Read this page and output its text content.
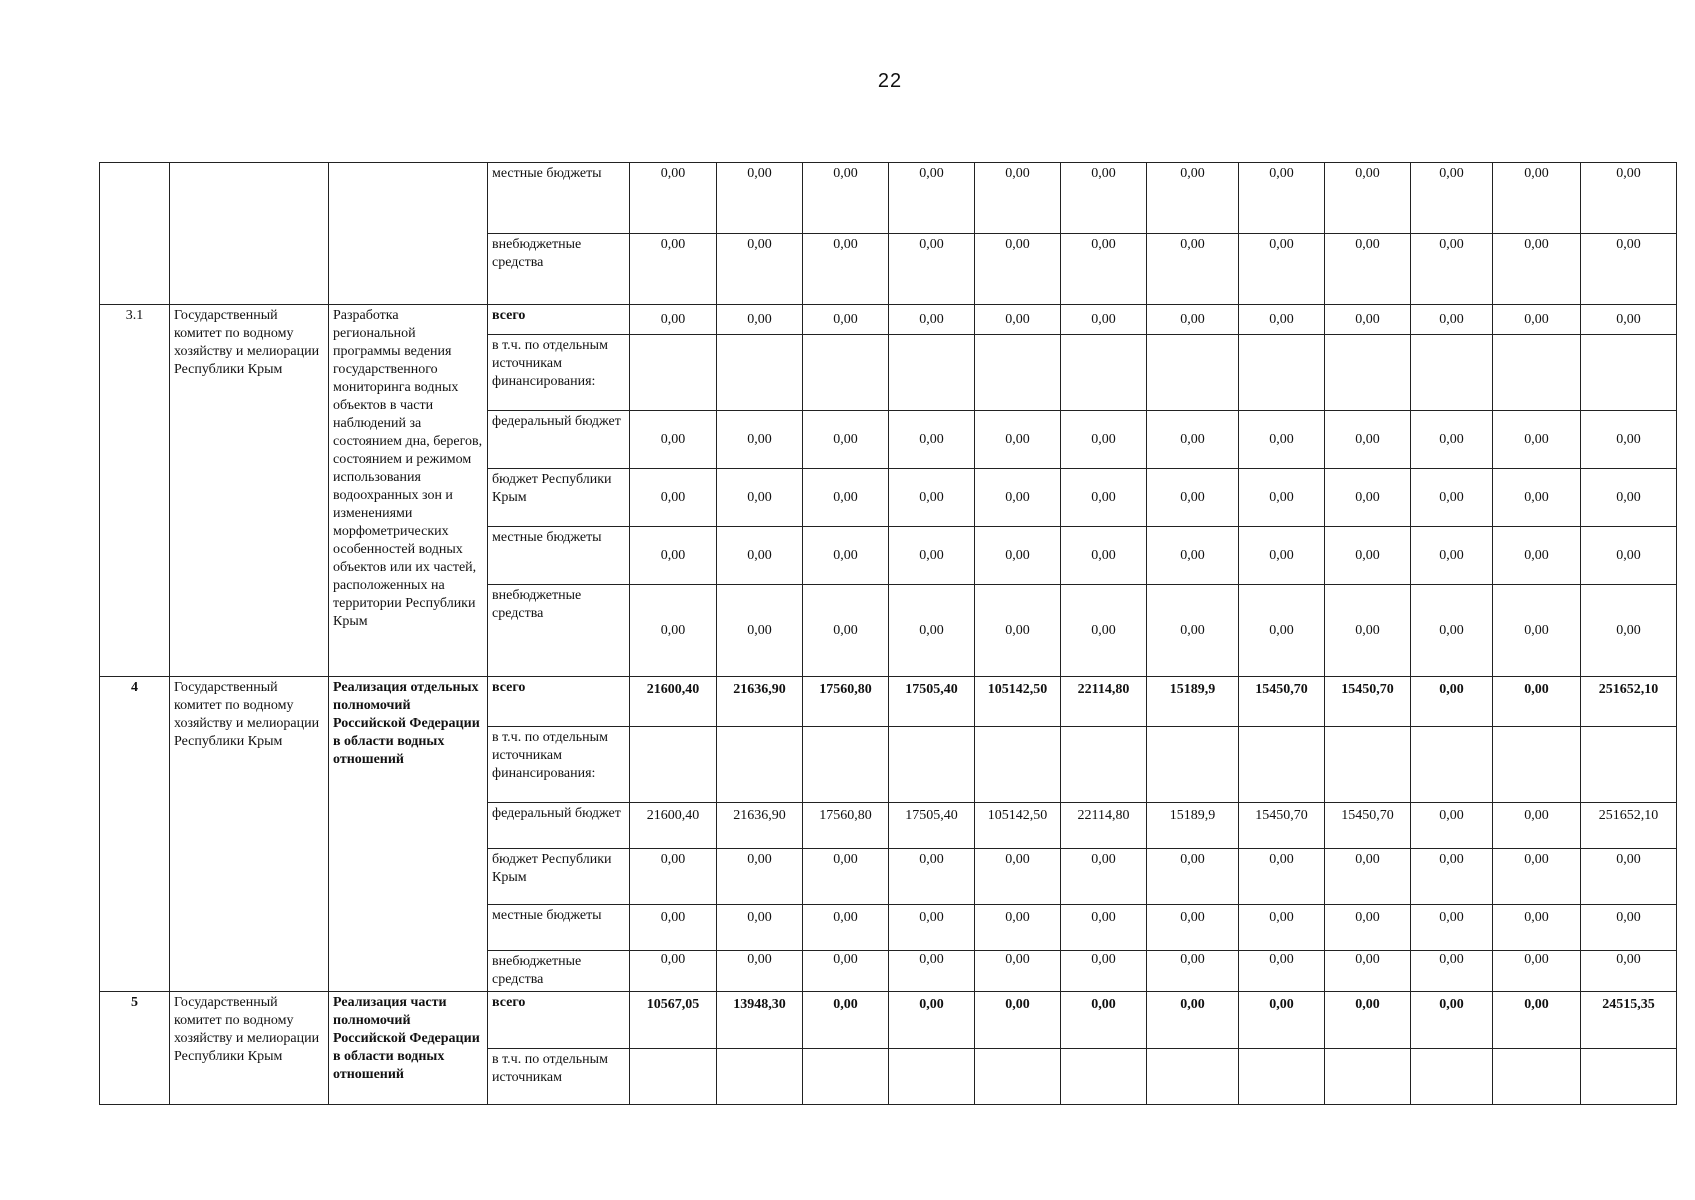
22
			местные бюджеты	0,00	0,00	0,00	0,00	0,00	0,00	0,00	0,00	0,00	0,00	0,00	0,00
			внебюджетные средства	0,00	0,00	0,00	0,00	0,00	0,00	0,00	0,00	0,00	0,00	0,00	0,00
3.1	Государственный комитет по водному хозяйству и мелиорации Республики Крым	Разработка региональной программы ведения государственного мониторинга водных объектов в части наблюдений за состоянием дна, берегов, состоянием и режимом использования водоохранных зон и изменениями морфометрических особенностей водных объектов или их частей, расположенных на территории Республики Крым	всего	0,00	0,00	0,00	0,00	0,00	0,00	0,00	0,00	0,00	0,00	0,00	0,00
			в т.ч. по отдельным источникам финансирования:												
			федеральный бюджет	0,00	0,00	0,00	0,00	0,00	0,00	0,00	0,00	0,00	0,00	0,00	0,00
			бюджет Республики Крым	0,00	0,00	0,00	0,00	0,00	0,00	0,00	0,00	0,00	0,00	0,00	0,00
			местные бюджеты	0,00	0,00	0,00	0,00	0,00	0,00	0,00	0,00	0,00	0,00	0,00	0,00
			внебюджетные средства	0,00	0,00	0,00	0,00	0,00	0,00	0,00	0,00	0,00	0,00	0,00	0,00
4	Государственный комитет по водному хозяйству и мелиорации Республики Крым	Реализация отдельных полномочий Российской Федерации в области водных отношений	всего	21600,40	21636,90	17560,80	17505,40	105142,50	22114,80	15189,9	15450,70	15450,70	0,00	0,00	251652,10
			в т.ч. по отдельным источникам финансирования:												
			федеральный бюджет	21600,40	21636,90	17560,80	17505,40	105142,50	22114,80	15189,9	15450,70	15450,70	0,00	0,00	251652,10
			бюджет Республики Крым	0,00	0,00	0,00	0,00	0,00	0,00	0,00	0,00	0,00	0,00	0,00	0,00
			местные бюджеты	0,00	0,00	0,00	0,00	0,00	0,00	0,00	0,00	0,00	0,00	0,00	0,00
			внебюджетные средства	0,00	0,00	0,00	0,00	0,00	0,00	0,00	0,00	0,00	0,00	0,00	0,00
5	Государственный комитет по водному хозяйству и мелиорации Республики Крым	Реализация части полномочий Российской Федерации в области водных отношений	всего	10567,05	13948,30	0,00	0,00	0,00	0,00	0,00	0,00	0,00	0,00	0,00	24515,35
			в т.ч. по отдельным источникам												
